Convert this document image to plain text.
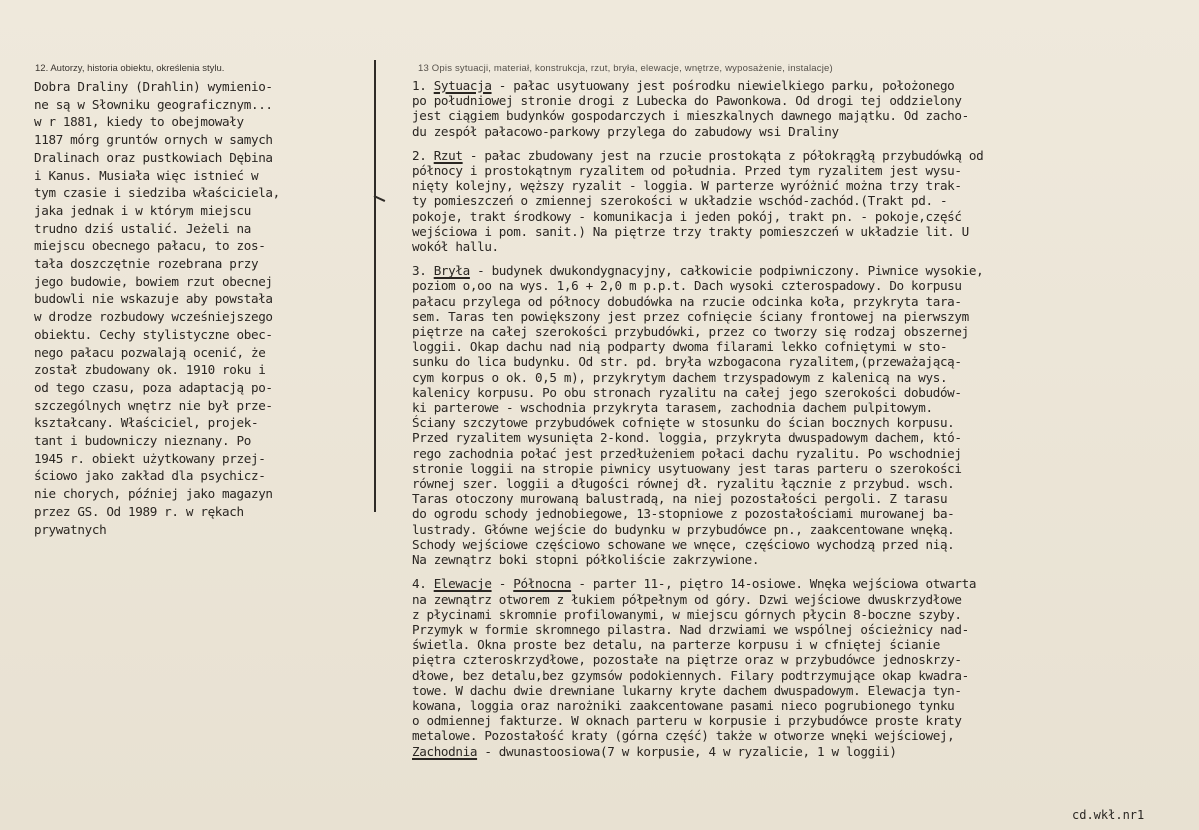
12. Autorzy, historia obiektu, określenia stylu.	13 Opis sytuacji, materiał, konstrukcja, rzut, bryła, elewacje, wnętrze, wyposażenie, instalacje)
Dobra Draliny (Drahlin) wymienio-
ne są w Słowniku geograficznym...
w r 1881, kiedy to obejmowały
1187 mórg gruntów ornych w samych
Dralinach oraz pustkowiach Dębina
i Kanus. Musiała więc istnieć w
tym czasie i siedziba właściciela,
jaka jednak i w którym miejscu
trudno dziś ustalić. Jeżeli na
miejscu obecnego pałacu, to zos-
tała doszczętnie rozebrana przy
jego budowie, bowiem rzut obecnej
budowli nie wskazuje aby powstała
w drodze rozbudowy wcześniejszego
obiektu. Cechy stylistyczne obec-
nego pałacu pozwalają ocenić, że
został zbudowany ok. 1910 roku i
od tego czasu, poza adaptacją po-
szczególnych wnętrz nie był prze-
kształcany. Właściciel, projek-
tant i budowniczy nieznany. Po
1945 r. obiekt użytkowany przej-
ściowo jako zakład dla psychicz-
nie chorych, później jako magazyn
przez GS. Od 1989 r. w rękach
prywatnych
1. Sytuacja - pałac usytuowany jest pośrodku niewielkiego parku, położonego
po południowej stronie drogi z Lubecka do Pawonkowa. Od drogi tej oddzielony
jest ciągiem budynków gospodarczych i mieszkalnych dawnego majątku. Od zacho-
du zespół pałacowo-parkowy przylega do zabudowy wsi Draliny
2. Rzut - pałac zbudowany jest na rzucie prostokąta z półokrągłą przybudówką od
północy i prostokątnym ryzalitem od południa. Przed tym ryzalitem jest wysu-
nięty kolejny, węższy ryzalit - loggia. W parterze wyróżnić można trzy trak-
ty pomieszczeń o zmiennej szerokości w układzie wschód-zachód.(Trakt pd. -
pokoje, trakt środkowy - komunikacja i jeden pokój, trakt pn. - pokoje,część
wejściowa i pom. sanit.) Na piętrze trzy trakty pomieszczeń w układzie lit. U
wokół hallu.
3. Bryła - budynek dwukondygnacyjny, całkowicie podpiwniczony. Piwnice wysokie,
poziom o,oo na wys. 1,6 + 2,0 m p.p.t. Dach wysoki czterospadowy. Do korpusu
pałacu przylega od północy dobudówka na rzucie odcinka koła, przykryta tara-
sem. Taras ten powiększony jest przez cofnięcie ściany frontowej na pierwszym
piętrze na całej szerokości przybudówki, przez co tworzy się rodzaj obszernej
loggii. Okap dachu nad nią podparty dwoma filarami lekko cofniętymi w sto-
sunku do lica budynku. Od str. pd. bryła wzbogacona ryzalitem,(przeważającą-
cym korpus o ok. 0,5 m), przykrytym dachem trzyspadowym z kalenicą na wys.
kalenicy korpusu. Po obu stronach ryzalitu na całej jego szerokości dobudów-
ki parterowe - wschodnia przykryta tarasem, zachodnia dachem pulpitowym.
Ściany szczytowe przybudówek cofnięte w stosunku do ścian bocznych korpusu.
Przed ryzalitem wysunięta 2-kond. loggia, przykryta dwuspadowym dachem, któ-
rego zachodnia połać jest przedłużeniem połaci dachu ryzalitu. Po wschodniej
stronie loggii na stropie piwnicy usytuowany jest taras parteru o szerokości
równej szer. loggii a długości równej dł. ryzalitu łącznie z przybud. wsch.
Taras otoczony murowaną balustradą, na niej pozostałości pergoli. Z tarasu
do ogrodu schody jednobiegowe, 13-stopniowe z pozostałościami murowanej ba-
lustrady. Główne wejście do budynku w przybudówce pn., zaakcentowane wnęką.
Schody wejściowe częściowo schowane we wnęce, częściowo wychodzą przed nią.
Na zewnątrz boki stopni półkoliście zakrzywione.
4. Elewacje - Północna - parter 11-, piętro 14-osiowe. Wnęka wejściowa otwarta
na zewnątrz otworem z łukiem półpełnym od góry. Dzwi wejściowe dwuskrzydłowe
z płycinami skromnie profilowanymi, w miejscu górnych płycin 8-boczne szyby.
Przymyk w formie skromnego pilastra. Nad drzwiami we wspólnej ościeżnicy nad-
świetla. Okna proste bez detalu, na parterze korpusu i w cfniętej ścianie
piętra czteroskrzydłowe, pozostałe na piętrze oraz w przybudówce jednoskrzy-
dłowe, bez detalu,bez gzymsów podokiennych. Filary podtrzymujące okap kwadra-
towe. W dachu dwie drewniane lukarny kryte dachem dwuspadowym. Elewacja tyn-
kowana, loggia oraz narożniki zaakcentowane pasami nieco pogrubionego tynku
o odmiennej fakturze. W oknach parteru w korpusie i przybudówce proste kraty
metalowe. Pozostałość kraty (górna część) także w otworze wnęki wejściowej,
Zachodnia - dwunastoosiowa(7 w korpusie, 4 w ryzalicie, 1 w loggii)
cd.wkł.nr1
